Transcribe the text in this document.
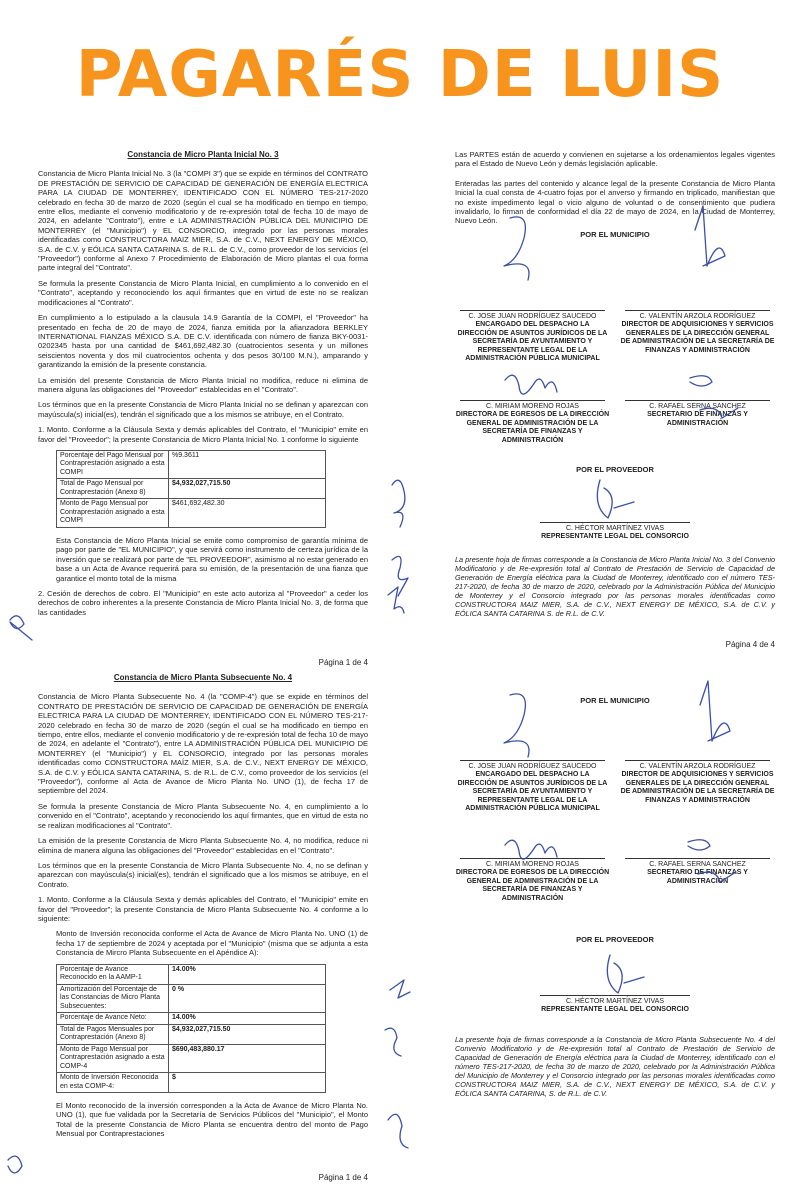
PAGARÉS DE LUIS
Constancia de Micro Planta Inicial No. 3

Constancia de Micro Planta Inicial No. 3 (la "COMPI 3") que se expide en términos del CONTRATO DE PRESTACIÓN DE SERVICIO DE CAPACIDAD DE GENERACIÓN DE ENERGÍA ELECTRICA PARA LA CIUDAD DE MONTERREY, IDENTIFICADO CON EL NÚMERO TES-217-2020 celebrado en fecha 30 de marzo de 2020 (según el cual se ha modificado en tiempo en tiempo, entre ellos, mediante el convenio modificatorio y de re-expresión total de fecha 10 de mayo de 2024, en adelante "Contrato"), entre e LA ADMINISTRACIÓN PÚBLICA DEL MUNICIPIO DE MONTERREY (el "Municipio") y EL CONSORCIO, integrado por las personas morales identificadas como CONSTRUCTORA MAIZ MIER, S.A. de C.V., NEXT ENERGY DE MÉXICO, S.A. de C.V. y EÓLICA SANTA CATARINA S. de R.L. de C.V., como proveedor de los servicios (el "Proveedor") conforme al Anexo 7 Procedimiento de Elaboración de Micro plantas el cua forma parte integral del "Contrato".

Se formula la presente Constancia de Micro Planta Inicial, en cumplimiento a lo convenido en el "Contrato", aceptando y reconociendo los aquí firmantes que en virtud de este no se realizan modificaciones al "Contrato".

En cumplimiento a lo estipulado a la clausula 14.9 Garantía de la COMPI, el "Proveedor" ha presentado en fecha de 20 de mayo de 2024, fianza emitida por la afianzadora BERKLEY INTERNATIONAL FIANZAS MÉXICO S.A. DE C.V. identificada con número de fianza BKY-0031-0202345 hasta por una cantidad de $461,692,482.30 (cuatrocientos sesenta y un millones seiscientos noventa y dos mil cuatrocientos ochenta y dos pesos 30/100 M.N.), amparando y garantizando la emisión de la presente constancia.

La emisión del presente Constancia de Micro Planta Inicial no modifica, reduce ni elimina de manera alguna las obligaciones del "Proveedor" establecidas en el "Contrato".

Los términos que en la presente Constancia de Micro Planta Inicial no se definan y aparezcan con mayúscula(s) inicial(es), tendrán el significado que a los mismos se atribuye, en el Contrato.

1. Monto. Conforme a la Cláusula Sexta y demás aplicables del Contrato, el "Municipio" emite en favor del "Proveedor"; la presente Constancia de Micro Planta Inicial No. 1 conforme lo siguiente

Porcentaje del Pago Mensual por Contraprestación asignado a esta COMPI	%9.3611
Total de Pago Mensual por Contraprestación (Anexo 8)	$4,932,027,715.50
Monto de Pago Mensual por Contraprestación asignado a esta COMPI	$461,692,482.30

Esta Constancia de Micro Planta Inicial se emite como compromiso de garantía mínima de pago por parte de "EL MUNICIPIO", y que servirá como instrumento de certeza jurídica de la inversión que se realizará por parte de "EL PROVEEDOR", asimismo al no estar generado en base a un Acta de Avance requerirá para su emisión, de la presentación de una fianza que garantice el monto total de la misma

2. Cesión de derechos de cobro. El "Municipio" en este acto autoriza al "Proveedor" a ceder los derechos de cobro inherentes a la presente Constancia de Micro Planta Inicial No. 3, de forma que las cantidades

Página 1 de 4

Las PARTES están de acuerdo y convienen en sujetarse a los ordenamientos legales vigentes para el Estado de Nuevo León y demás legislación aplicable.

Enteradas las partes del contenido y alcance legal de la presente Constancia de Micro Planta Inicial la cual consta de 4-cuatro fojas por el anverso y firmando en triplicado, manifiestan que no existe impedimento legal o vicio alguno de voluntad o de consentimiento que pudiera invalidarlo, lo firman de conformidad el día 22 de mayo de 2024, en la Ciudad de Monterrey, Nuevo León.

POR EL MUNICIPIO
C. JOSE JUAN RODRÍGUEZ SAUCEDO
ENCARGADO DEL DESPACHO LA DIRECCIÓN DE ASUNTOS JURÍDICOS DE LA SECRETARÍA DE AYUNTAMIENTO Y REPRESENTANTE LEGAL DE LA ADMINISTRACIÓN PÚBLICA MUNICIPAL
C. VALENTÍN ARZOLA RODRÍGUEZ
DIRECTOR DE ADQUISICIONES Y SERVICIOS GENERALES DE LA DIRECCIÓN GENERAL DE ADMINISTRACIÓN DE LA SECRETARÍA DE FINANZAS Y ADMINISTRACIÓN
C. MIRIAM MORENO ROJAS
DIRECTORA DE EGRESOS DE LA DIRECCIÓN GENERAL DE ADMINISTRACIÓN DE LA SECRETARÍA DE FINANZAS Y ADMINISTRACIÓN
C. RAFAEL SERNA SANCHEZ
SECRETARIO DE FINANZAS Y ADMINISTRACIÓN
POR EL PROVEEDOR
C. HÉCTOR MARTÍNEZ VIVAS
REPRESENTANTE LEGAL DEL CONSORCIO
La presente hoja de firmas corresponde a la Constancia de Micro Planta Inicial No. 3 del Convenio Modificatorio y de Re-expresión total al Contrato de Prestación de Servicio de Capacidad de Generación de Energía eléctrica para la Ciudad de Monterrey, identificado con el número TES-217-2020, de fecha 30 de marzo de 2020, celebrado por la Administración Pública del Municipio de Monterrey y el Consorcio integrado por las personas morales identificadas como CONSTRUCTORA MAIZ MIER, S.A. de C.V., NEXT ENERGY DE MÉXICO, S.A. de C.V. y EÓLICA SANTA CATARINA S. de R.L. de C.V.
Página 4 de 4
Constancia de Micro Planta Subsecuente No. 4

Constancia de Micro Planta Subsecuente No. 4 (la "COMP-4") que se expide en términos del CONTRATO DE PRESTACIÓN DE SERVICIO DE CAPACIDAD DE GENERACIÓN DE ENERGÍA ELECTRICA PARA LA CIUDAD DE MONTERREY, IDENTIFICADO CON EL NÚMERO TES-217-2020 celebrado en fecha 30 de marzo de 2020 (según el cual se ha modificado en tiempo en tiempo, entre ellos, mediante el convenio modificatorio y de re-expresión total de fecha 10 de mayo de 2024, en adelante el "Contrato"), entre LA ADMINISTRACIÓN PÚBLICA DEL MUNICIPIO DE MONTERREY (el "Municipio") y EL CONSORCIO, integrado por las personas morales identificadas como CONSTRUCTORA MAÍZ MIER, S.A. de C.V., NEXT ENERGY DE MÉXICO, S.A. de C.V. y EÓLICA SANTA CATARINA, S. de R.L. de C.V., como proveedor de los servicios (el "Proveedor"), conforme al Acta de Avance de Micro Planta No. UNO (1), de fecha 17 de septiembre del 2024.

Se formula la presente Constancia de Micro Planta Subsecuente No. 4, en cumplimiento a lo convenido en el "Contrato", aceptando y reconociendo los aquí firmantes, que en virtud de esta no se realizan modificaciones al "Contrato".

La emisión de la presente Constancia de Micro Planta Subsecuente No. 4, no modifica, reduce ni elimina de manera alguna las obligaciones del "Proveedor" establecidas en el "Contrato".

Los términos que en la presente Constancia de Micro Planta Subsecuente No. 4, no se definan y aparezcan con mayúscula(s) inicial(es), tendrán el significado que a los mismos se atribuye, en el Contrato.

1. Monto. Conforme a la Cláusula Sexta y demás aplicables del Contrato, el "Municipio" emite en favor del "Proveedor"; la presente Constancia de Micro Planta Subsecuente No. 4 conforme a lo siguiente:

Monto de Inversión reconocida conforme el Acta de Avance de Micro Planta No. UNO (1) de fecha 17 de septiembre de 2024 y aceptada por el "Municipio" (misma que se adjunta a esta Constancia de Mircro Planta Subsecuente en el Apéndice A):

Porcentaje de Avance Reconocido en la AAMP-1	14.00%
Amortización del Porcentaje de las Constancias de Micro Planta Subsecuentes:	0 %
Porcentaje de Avance Neto:	14.00%
Total de Pagos Mensuales por Contraprestación (Anexo 8)	$4,932,027,715.50
Monto de Pago Mensual por Contraprestación asignado a esta COMP-4	$690,483,880.17
Monto de Inversión Reconocida en esta COMP-4:	$

El Monto reconocido de la inversión corresponden a la Acta de Avance de Micro Planta No. UNO (1), que fue validada por la Secretaría de Servicios Públicos del "Municipio", el Monto Total de la presente Constancia de Micro Planta se encuentra dentro del monto de Pago Mensual por Contraprestaciones

Página 1 de 4
POR EL MUNICIPIO
C. JOSE JUAN RODRÍGUEZ SAUCEDO
ENCARGADO DEL DESPACHO LA DIRECCIÓN DE ASUNTOS JURÍDICOS DE LA SECRETARÍA DE AYUNTAMIENTO Y REPRESENTANTE LEGAL DE LA ADMINISTRACIÓN PÚBLICA MUNICIPAL
C. VALENTÍN ARZOLA RODRÍGUEZ
DIRECTOR DE ADQUISICIONES Y SERVICIOS GENERALES DE LA DIRECCIÓN GENERAL DE ADMINISTRACIÓN DE LA SECRETARÍA DE FINANZAS Y ADMINISTRACIÓN
C. MIRIAM MORENO ROJAS
DIRECTORA DE EGRESOS DE LA DIRECCIÓN GENERAL DE ADMINISTRACIÓN DE LA SECRETARÍA DE FINANZAS Y ADMINISTRACIÓN
C. RAFAEL SERNA SANCHEZ
SECRETARIO DE FINANZAS Y ADMINISTRACIÓN
POR EL PROVEEDOR
C. HÉCTOR MARTÍNEZ VIVAS
REPRESENTANTE LEGAL DEL CONSORCIO
La presente hoja de firmas corresponde a la Constancia de Micro Planta Subsecuente No. 4 del Convenio Modificatorio y de Re-expresión total al Contrato de Prestación de Servicio de Capacidad de Generación de Energía eléctrica para la Ciudad de Monterrey, identificado con el número TES-217-2020, de fecha 30 de marzo de 2020, celebrado por la Administración Pública del Municipio de Monterrey y el Consorcio integrado por las personas morales identificadas como CONSTRUCTORA MAIZ MIER, S.A. de C.V., NEXT ENERGY DE MÉXICO, S.A. de C.V. y EÓLICA SANTA CATARINA, S. de R.L. de C.V.
